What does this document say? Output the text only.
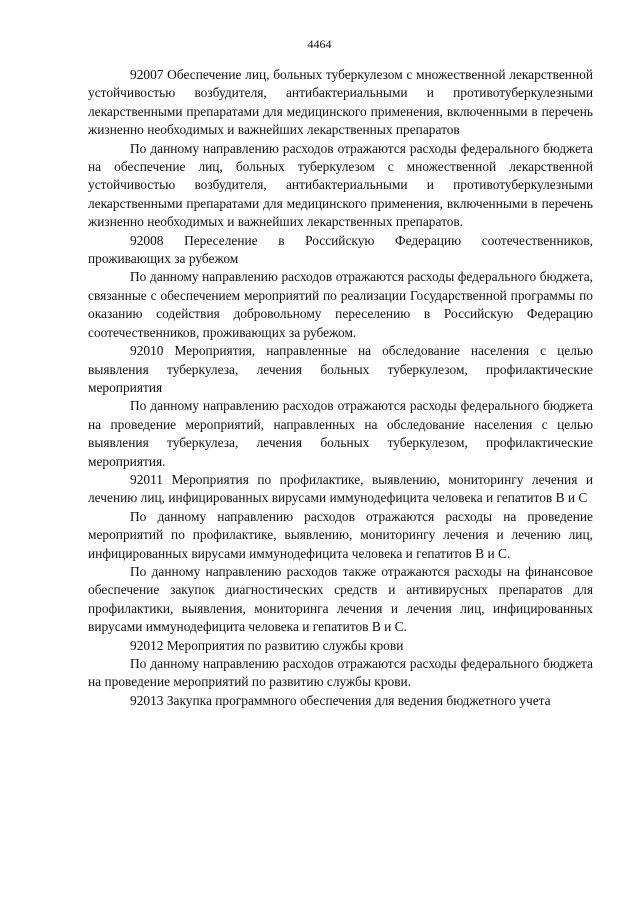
4464

92007 Обеспечение лиц, больных туберкулезом с множественной лекарственной устойчивостью возбудителя, антибактериальными и противотуберкулезными лекарственными препаратами для медицинского применения, включенными в перечень жизненно необходимых и важнейших лекарственных препаратов

По данному направлению расходов отражаются расходы федерального бюджета на обеспечение лиц, больных туберкулезом с множественной лекарственной устойчивостью возбудителя, антибактериальными и противотуберкулезными лекарственными препаратами для медицинского применения, включенными в перечень жизненно необходимых и важнейших лекарственных препаратов.

92008 Переселение в Российскую Федерацию соотечественников, проживающих за рубежом

По данному направлению расходов отражаются расходы федерального бюджета, связанные с обеспечением мероприятий по реализации Государственной программы по оказанию содействия добровольному переселению в Российскую Федерацию соотечественников, проживающих за рубежом.

92010 Мероприятия, направленные на обследование населения с целью выявления туберкулеза, лечения больных туберкулезом, профилактические мероприятия

По данному направлению расходов отражаются расходы федерального бюджета на проведение мероприятий, направленных на обследование населения с целью выявления туберкулеза, лечения больных туберкулезом, профилактические мероприятия.

92011 Мероприятия по профилактике, выявлению, мониторингу лечения и лечению лиц, инфицированных вирусами иммунодефицита человека и гепатитов B и C

По данному направлению расходов отражаются расходы на проведение мероприятий по профилактике, выявлению, мониторингу лечения и лечению лиц, инфицированных вирусами иммунодефицита человека и гепатитов B и C.

По данному направлению расходов также отражаются расходы на финансовое обеспечение закупок диагностических средств и антивирусных препаратов для профилактики, выявления, мониторинга лечения и лечения лиц, инфицированных вирусами иммунодефицита человека и гепатитов B и C.

92012 Мероприятия по развитию службы крови

По данному направлению расходов отражаются расходы федерального бюджета на проведение мероприятий по развитию службы крови.

92013 Закупка программного обеспечения для ведения бюджетного учета
